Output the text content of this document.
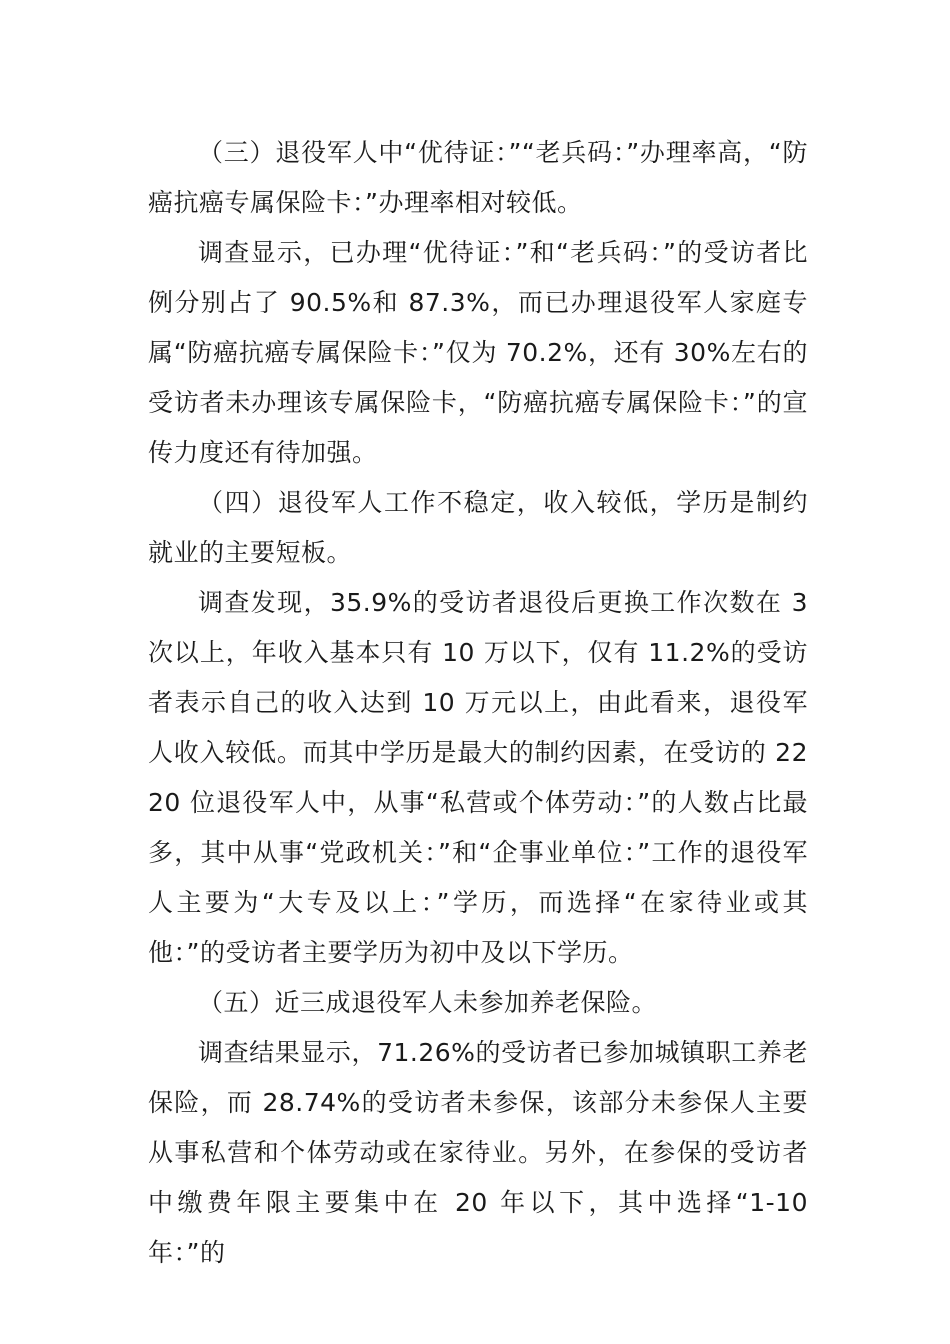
（三）退役军人中“优待证：”“老兵码：”办理率高，“防癌抗癌专属保险卡：”办理率相对较低。

调查显示，已办理“优待证：”和“老兵码：”的受访者比例分别占了 90.5%和 87.3%，而已办理退役军人家庭专属“防癌抗癌专属保险卡：”仅为 70.2%，还有 30%左右的受访者未办理该专属保险卡，“防癌抗癌专属保险卡：”的宣传力度还有待加强。

（四）退役军人工作不稳定，收入较低，学历是制约就业的主要短板。

调查发现，35.9%的受访者退役后更换工作次数在 3 次以上，年收入基本只有 10 万以下，仅有 11.2%的受访者表示自己的收入达到 10 万元以上，由此看来，退役军人收入较低。而其中学历是最大的制约因素，在受访的 2220 位退役军人中，从事“私营或个体劳动：”的人数占比最多，其中从事“党政机关：”和“企事业单位：”工作的退役军人主要为“大专及以上：”学历，而选择“在家待业或其他：”的受访者主要学历为初中及以下学历。

（五）近三成退役军人未参加养老保险。

调查结果显示，71.26%的受访者已参加城镇职工养老保险，而 28.74%的受访者未参保，该部分未参保人主要从事私营和个体劳动或在家待业。另外，在参保的受访者中缴费年限主要集中在 20 年以下，其中选择“1-10 年：”的
